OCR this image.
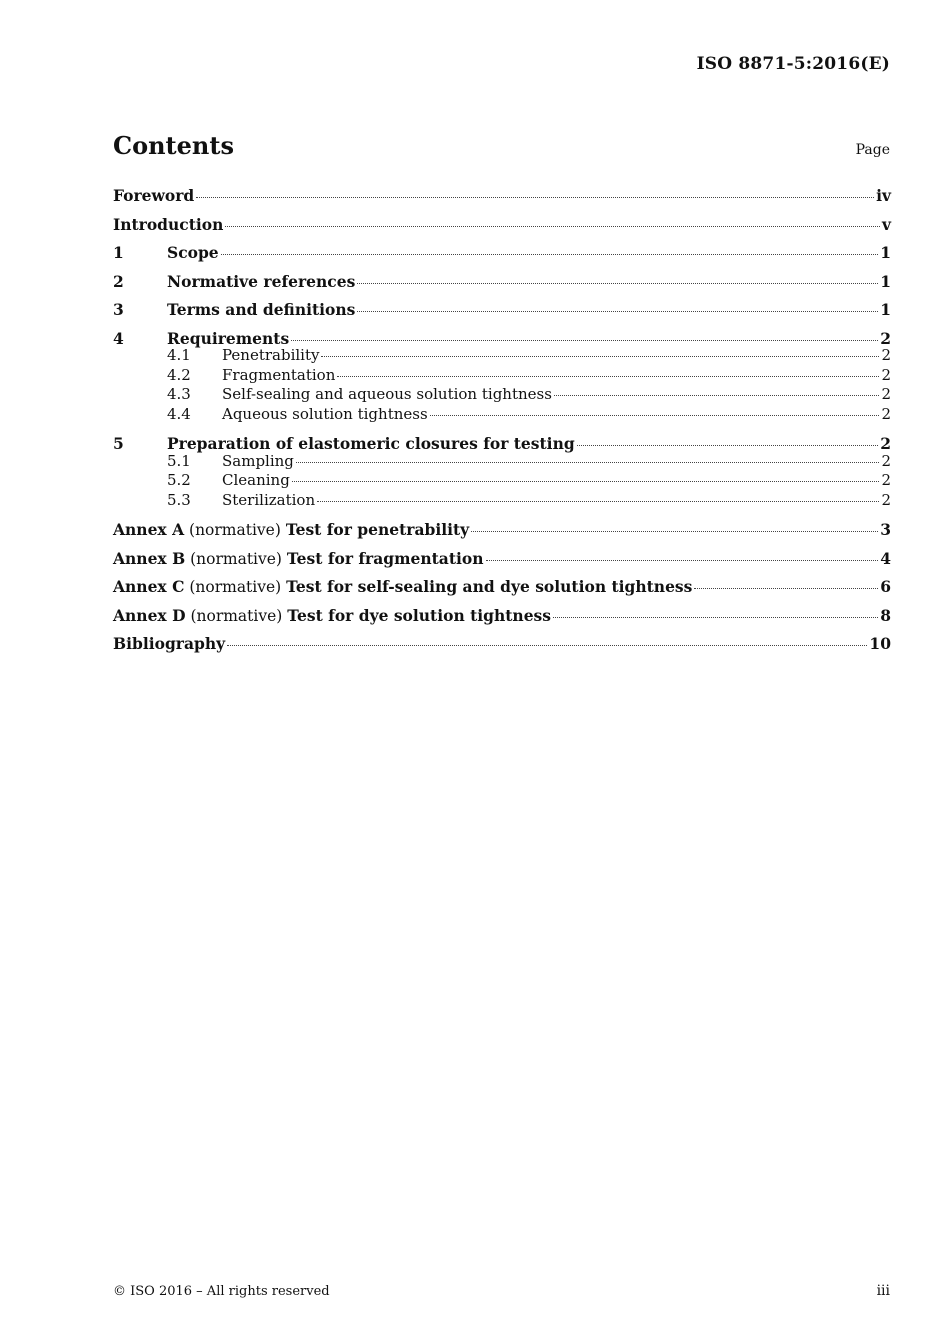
ISO 8871-5:2016(E)
Contents	Page
Foreword	iv
Introduction	v
1	Scope	1
2	Normative references	1
3	Terms and definitions	1
4	Requirements	2
4.1	Penetrability	2
4.2	Fragmentation	2
4.3	Self-sealing and aqueous solution tightness	2
4.4	Aqueous solution tightness	2
5	Preparation of elastomeric closures for testing	2
5.1	Sampling	2
5.2	Cleaning	2
5.3	Sterilization	2
Annex A (normative) Test for penetrability	3
Annex B (normative) Test for fragmentation	4
Annex C (normative) Test for self-sealing and dye solution tightness	6
Annex D (normative) Test for dye solution tightness	8
Bibliography	10
© ISO 2016 – All rights reserved	iii
